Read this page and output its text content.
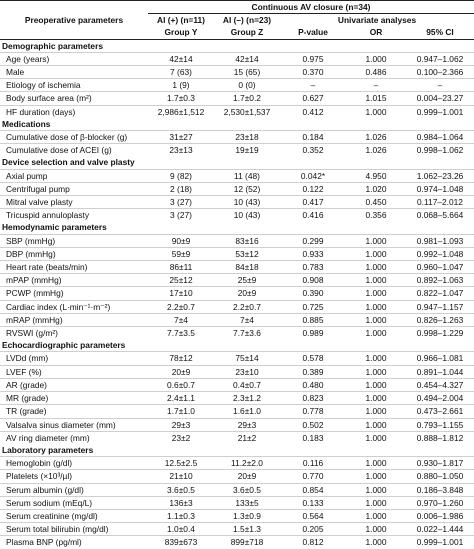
Preoperative parameters	Continuous AV closure (n=34)				
	AI (+) (n=11)	AI (–) (n=23)	Univariate analyses		
	Group Y	Group Z	P-value	OR	95% CI
Demographic parameters					
Age (years)	42±14	42±14	0.975	1.000	0.947–1.062
Male	7 (63)	15 (65)	0.370	0.486	0.100–2.366
Etiology of ischemia	1 (9)	0 (0)	–	–	–
Body surface area (m²)	1.7±0.3	1.7±0.2	0.627	1.015	0.004–23.27
HF duration (days)	2,986±1,512	2,530±1,537	0.412	1.000	0.999–1.001
Medications					
Cumulative dose of β-blocker (g)	31±27	23±18	0.184	1.026	0.984–1.064
Cumulative dose of ACEI (g)	23±13	19±19	0.352	1.026	0.998–1.062
Device selection and valve plasty					
Axial pump	9 (82)	11 (48)	0.042*	4.950	1.062–23.26
Centrifugal pump	2 (18)	12 (52)	0.122	1.020	0.974–1.048
Mitral valve plasty	3 (27)	10 (43)	0.417	0.450	0.117–2.012
Tricuspid annuloplasty	3 (27)	10 (43)	0.416	0.356	0.068–5.664
Hemodynamic parameters					
SBP (mmHg)	90±9	83±16	0.299	1.000	0.981–1.093
DBP (mmHg)	59±9	53±12	0.933	1.000	0.992–1.048
Heart rate (beats/min)	86±11	84±18	0.783	1.000	0.960–1.047
mPAP (mmHg)	25±12	25±9	0.908	1.000	0.892–1.063
PCWP (mmHg)	17±10	20±9	0.390	1.000	0.822–1.047
Cardiac index (L·min⁻¹·m⁻²)	2.2±0.7	2.2±0.7	0.725	1.000	0.947–1.157
mRAP (mmHg)	7±4	7±4	0.885	1.000	0.826–1.263
RVSWI (g/m²)	7.7±3.5	7.7±3.6	0.989	1.000	0.998–1.229
Echocardiographic parameters					
LVDd (mm)	78±12	75±14	0.578	1.000	0.966–1.081
LVEF (%)	20±9	23±10	0.389	1.000	0.891–1.044
AR (grade)	0.6±0.7	0.4±0.7	0.480	1.000	0.454–4.327
MR (grade)	2.4±1.1	2.3±1.2	0.823	1.000	0.494–2.004
TR (grade)	1.7±1.0	1.6±1.0	0.778	1.000	0.473–2.661
Valsalva sinus diameter (mm)	29±3	29±3	0.502	1.000	0.793–1.155
AV ring diameter (mm)	23±2	21±2	0.183	1.000	0.888–1.812
Laboratory parameters					
Hemoglobin (g/dl)	12.5±2.5	11.2±2.0	0.116	1.000	0.930–1.817
Platelets (×10³/µl)	21±10	20±9	0.770	1.000	0.880–1.050
Serum albumin (g/dl)	3.6±0.5	3.6±0.5	0.854	1.000	0.186–3.848
Serum sodium (mEq/L)	136±3	133±5	0.133	1.000	0.970–1.260
Serum creatinine (mg/dl)	1.1±0.3	1.3±0.9	0.564	1.000	0.006–1.986
Serum total bilirubin (mg/dl)	1.0±0.4	1.5±1.3	0.205	1.000	0.022–1.444
Plasma BNP (pg/ml)	839±673	899±718	0.812	1.000	0.999–1.001
